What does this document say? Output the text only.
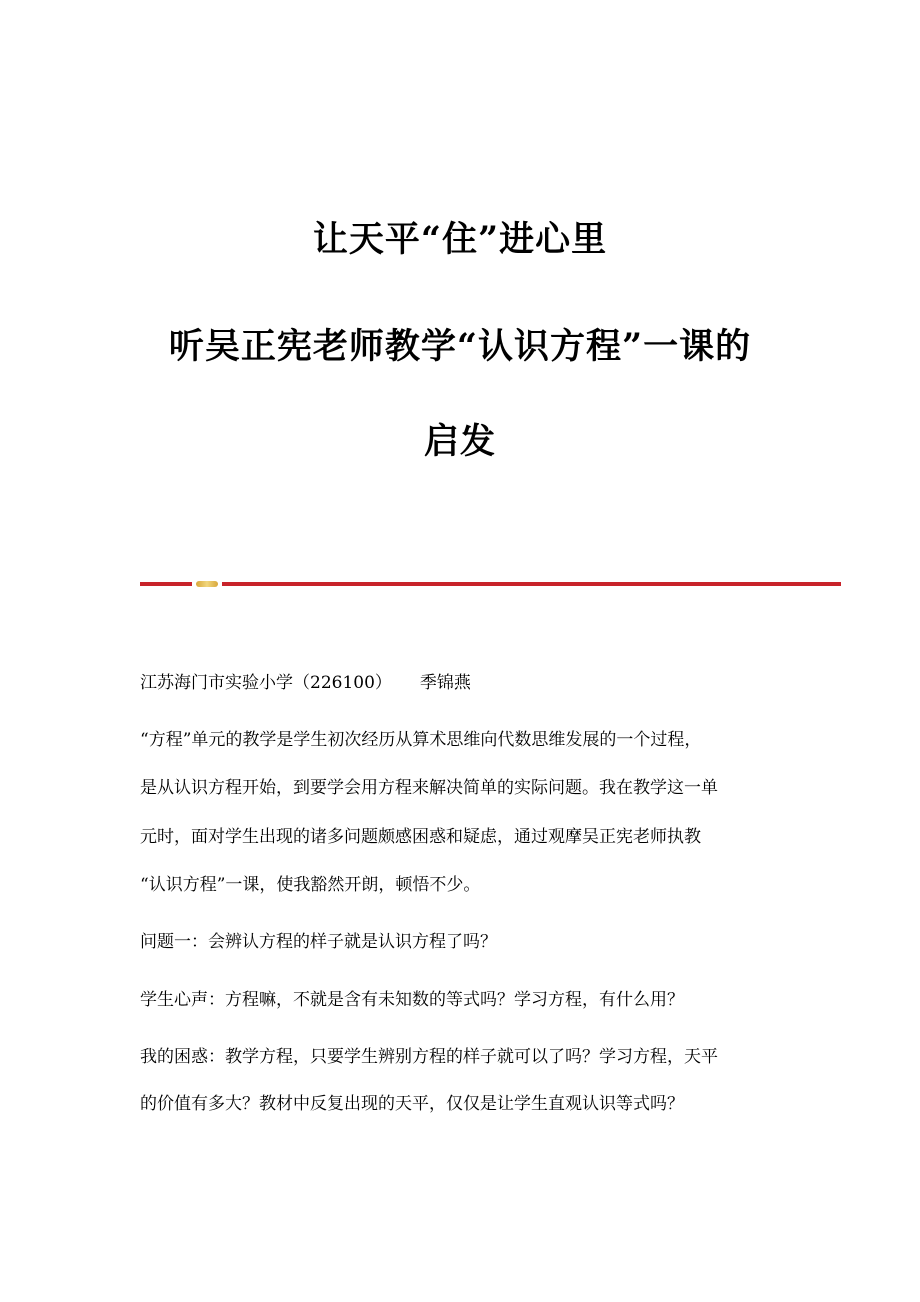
让天平“住”进心里
听吴正宪老师教学“认识方程”一课的
启发
江苏海门市实验小学（226100） 季锦燕
“方程”单元的教学是学生初次经历从算术思维向代数思维发展的一个过程，
是从认识方程开始，到要学会用方程来解决简单的实际问题。我在教学这一单
元时，面对学生出现的诸多问题颇感困惑和疑虑，通过观摩吴正宪老师执教
“认识方程”一课，使我豁然开朗，顿悟不少。
问题一：会辨认方程的样子就是认识方程了吗？
学生心声：方程嘛，不就是含有未知数的等式吗？学习方程，有什么用？
我的困惑：教学方程，只要学生辨别方程的样子就可以了吗？学习方程，天平
的价值有多大？教材中反复出现的天平，仅仅是让学生直观认识等式吗？
